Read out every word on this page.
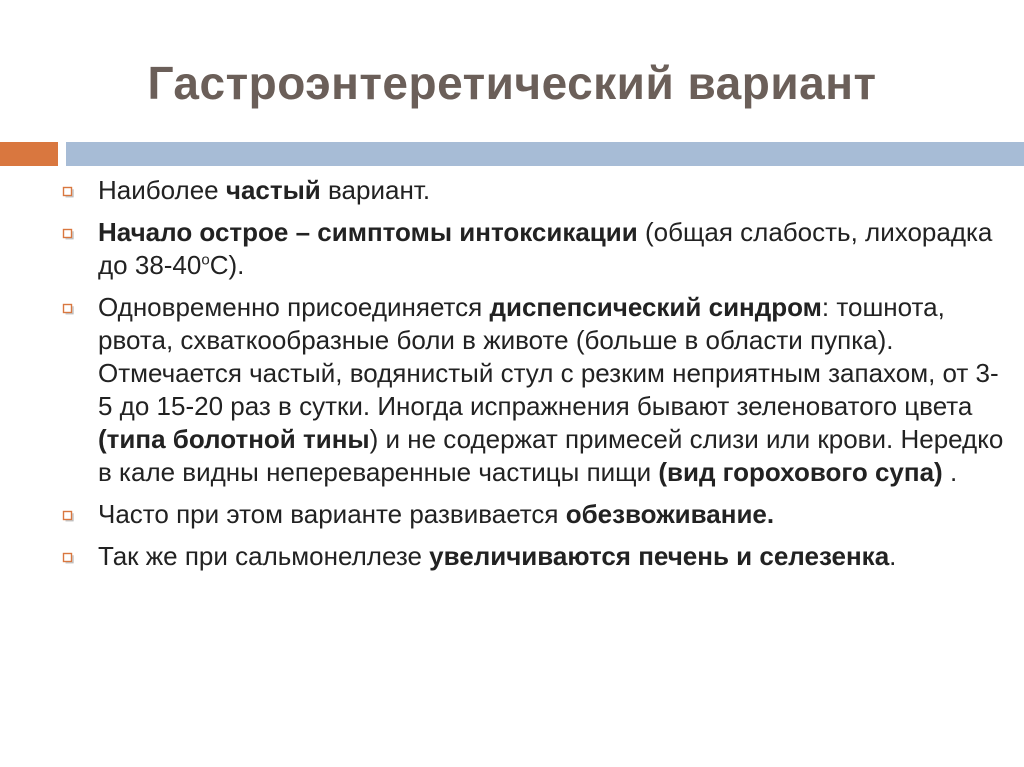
Гастроэнтеретический вариант
Наиболее частый вариант.
Начало острое – симптомы интоксикации (общая слабость, лихорадка до $38-40^оС$).
Одновременно присоединяется диспепсический синдром: тошнота, рвота, схваткообразные боли в животе (больше в области пупка). Отмечается частый, водянистый стул с резким неприятным запахом, от 3-5 до 15-20 раз в сутки. Иногда испражнения бывают зеленоватого цвета (типа болотной тины) и не содержат примесей слизи или крови. Нередко в кале видны непереваренные частицы пищи (вид горохового супа) .
Часто при этом варианте развивается обезвоживание.
Так же при сальмонеллезе увеличиваются печень и селезенка.
